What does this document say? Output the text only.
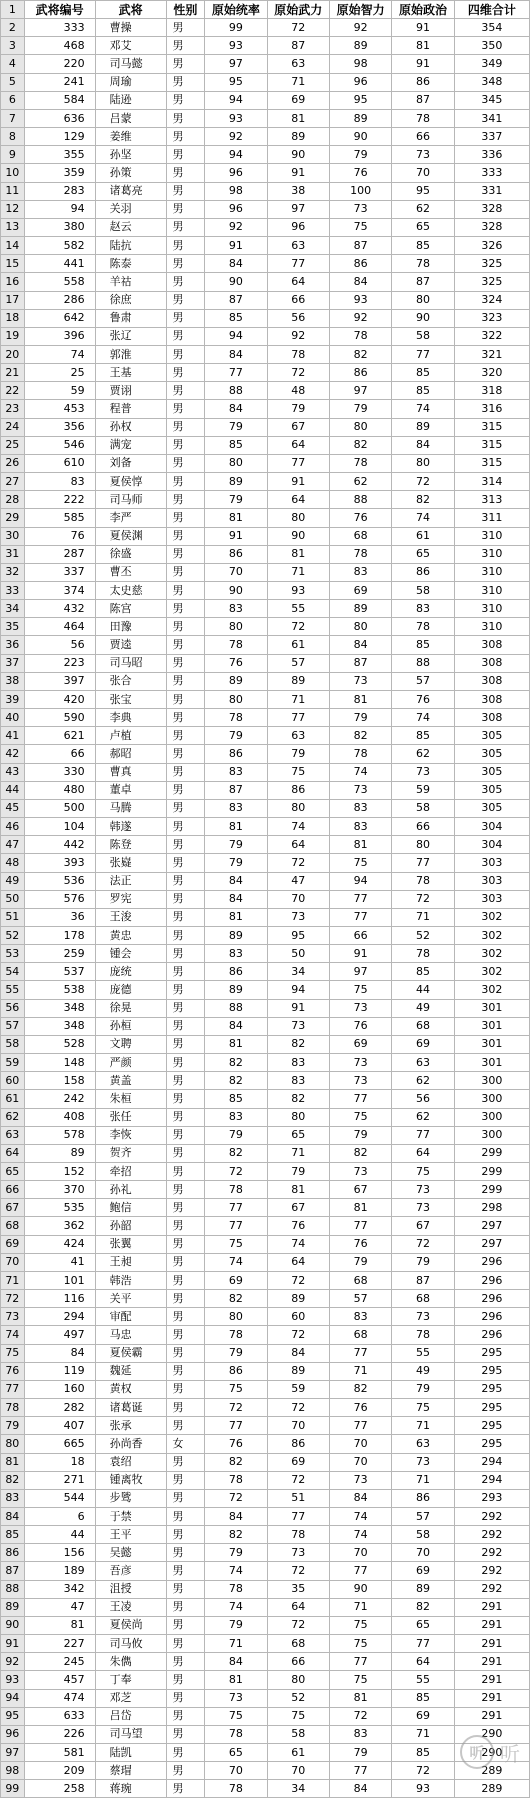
1	武将编号	武将	性别	原始统率	原始武力	原始智力	原始政治	四维合计
2	333	曹操	男	99	72	92	91	354
3	468	邓艾	男	93	87	89	81	350
4	220	司马懿	男	97	63	98	91	349
5	241	周瑜	男	95	71	96	86	348
6	584	陆逊	男	94	69	95	87	345
7	636	吕蒙	男	93	81	89	78	341
8	129	姜维	男	92	89	90	66	337
9	355	孙坚	男	94	90	79	73	336
10	359	孙策	男	96	91	76	70	333
11	283	诸葛亮	男	98	38	100	95	331
12	94	关羽	男	96	97	73	62	328
13	380	赵云	男	92	96	75	65	328
14	582	陆抗	男	91	63	87	85	326
15	441	陈泰	男	84	77	86	78	325
16	558	羊祜	男	90	64	84	87	325
17	286	徐庶	男	87	66	93	80	324
18	642	鲁肃	男	85	56	92	90	323
19	396	张辽	男	94	92	78	58	322
20	74	郭淮	男	84	78	82	77	321
21	25	王基	男	77	72	86	85	320
22	59	贾诩	男	88	48	97	85	318
23	453	程普	男	84	79	79	74	316
24	356	孙权	男	79	67	80	89	315
25	546	满宠	男	85	64	82	84	315
26	610	刘备	男	80	77	78	80	315
27	83	夏侯惇	男	89	91	62	72	314
28	222	司马师	男	79	64	88	82	313
29	585	李严	男	81	80	76	74	311
30	76	夏侯渊	男	91	90	68	61	310
31	287	徐盛	男	86	81	78	65	310
32	337	曹丕	男	70	71	83	86	310
33	374	太史慈	男	90	93	69	58	310
34	432	陈宫	男	83	55	89	83	310
35	464	田豫	男	80	72	80	78	310
36	56	贾逵	男	78	61	84	85	308
37	223	司马昭	男	76	57	87	88	308
38	397	张合	男	89	89	73	57	308
39	420	张宝	男	80	71	81	76	308
40	590	李典	男	78	77	79	74	308
41	621	卢植	男	79	63	82	85	305
42	66	郝昭	男	86	79	78	62	305
43	330	曹真	男	83	75	74	73	305
44	480	董卓	男	87	86	73	59	305
45	500	马腾	男	83	80	83	58	305
46	104	韩遂	男	81	74	83	66	304
47	442	陈登	男	79	64	81	80	304
48	393	张嶷	男	79	72	75	77	303
49	536	法正	男	84	47	94	78	303
50	576	罗宪	男	84	70	77	72	303
51	36	王浚	男	81	73	77	71	302
52	178	黄忠	男	89	95	66	52	302
53	259	锺会	男	83	50	91	78	302
54	537	庞统	男	86	34	97	85	302
55	538	庞德	男	89	94	75	44	302
56	348	徐晃	男	88	91	73	49	301
57	348	孙桓	男	84	73	76	68	301
58	528	文聘	男	81	82	69	69	301
59	148	严颜	男	82	83	73	63	301
60	158	黄盖	男	82	83	73	62	300
61	242	朱桓	男	85	82	77	56	300
62	408	张任	男	83	80	75	62	300
63	578	李恢	男	79	65	79	77	300
64	89	贺齐	男	82	71	82	64	299
65	152	牵招	男	72	79	73	75	299
66	370	孙礼	男	78	81	67	73	299
67	535	鲍信	男	77	67	81	73	298
68	362	孙韶	男	77	76	77	67	297
69	424	张翼	男	75	74	76	72	297
70	41	王昶	男	74	64	79	79	296
71	101	韩浩	男	69	72	68	87	296
72	116	关平	男	82	89	57	68	296
73	294	审配	男	80	60	83	73	296
74	497	马忠	男	78	72	68	78	296
75	84	夏侯霸	男	79	84	77	55	295
76	119	魏延	男	86	89	71	49	295
77	160	黄权	男	75	59	82	79	295
78	282	诸葛诞	男	72	72	76	75	295
79	407	张承	男	77	70	77	71	295
80	665	孙尚香	女	76	86	70	63	295
81	18	袁绍	男	82	69	70	73	294
82	271	锺离牧	男	78	72	73	71	294
83	544	步骘	男	72	51	84	86	293
84	6	于禁	男	84	77	74	57	292
85	44	王平	男	82	78	74	58	292
86	156	吴懿	男	79	73	70	70	292
87	189	吾彦	男	74	72	77	69	292
88	342	沮授	男	78	35	90	89	292
89	47	王凌	男	74	64	71	82	291
90	81	夏侯尚	男	79	72	75	65	291
91	227	司马攸	男	71	68	75	77	291
92	245	朱儁	男	84	66	77	64	291
93	457	丁奉	男	81	80	75	55	291
94	474	邓芝	男	73	52	81	85	291
95	633	吕岱	男	75	75	72	69	291
96	226	司马望	男	78	58	83	71	290
97	581	陆凯	男	65	61	79	85	290
98	209	蔡瑁	男	70	70	77	72	289
99	258	蒋琬	男	78	34	84	93	289
听 听
